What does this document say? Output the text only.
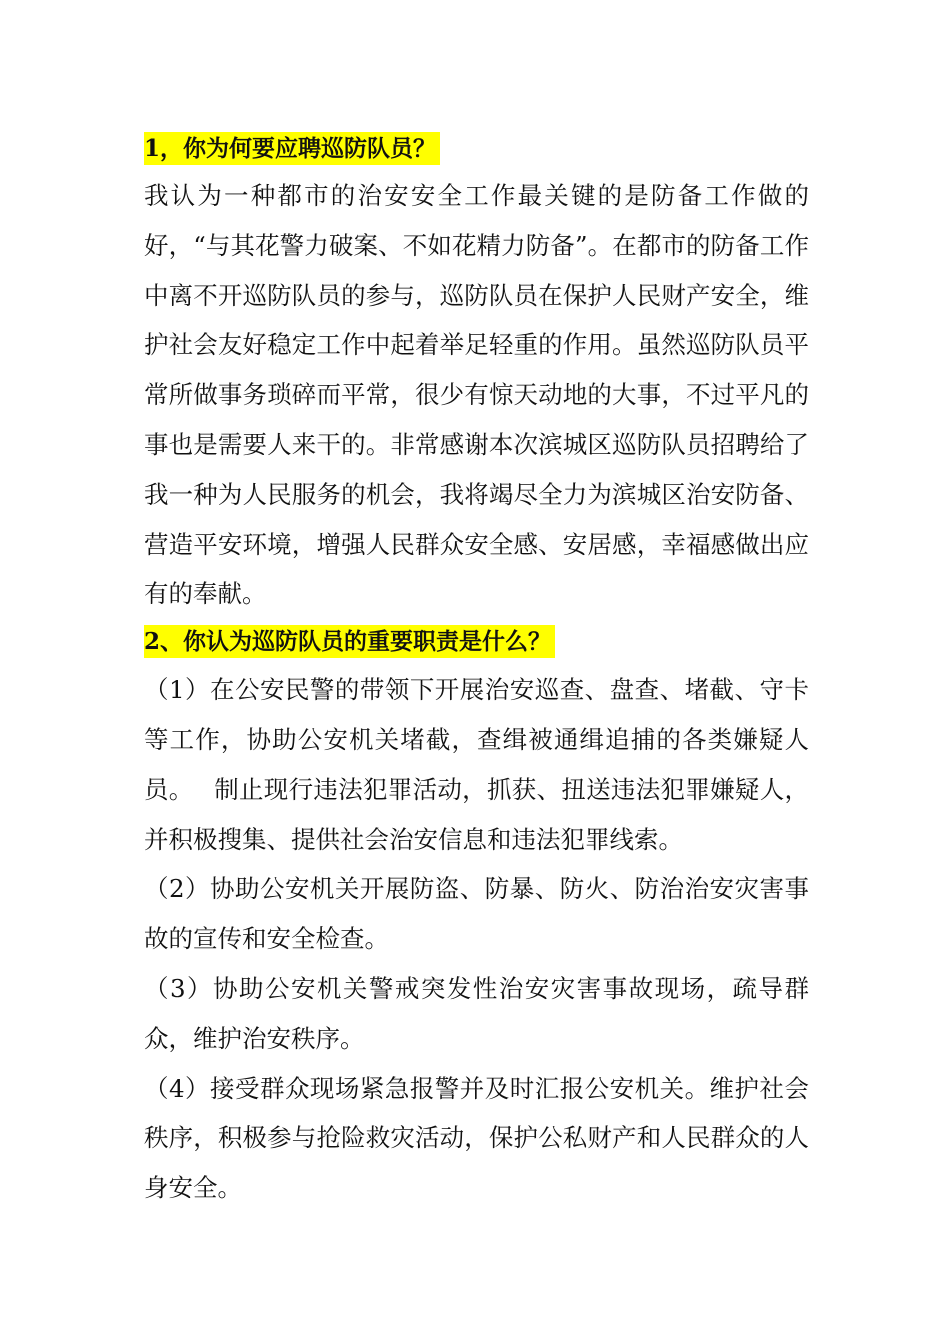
1，你为何要应聘巡防队员？

我认为一种都市的治安安全工作最关键的是防备工作做的好，“与其花警力破案、不如花精力防备”。在都市的防备工作中离不开巡防队员的参与，巡防队员在保护人民财产安全，维护社会友好稳定工作中起着举足轻重的作用。虽然巡防队员平常所做事务琐碎而平常，很少有惊天动地的大事，不过平凡的事也是需要人来干的。非常感谢本次滨城区巡防队员招聘给了我一种为人民服务的机会，我将竭尽全力为滨城区治安防备、营造平安环境，增强人民群众安全感、安居感，幸福感做出应有的奉献。

2、你认为巡防队员的重要职责是什么？

（1）在公安民警的带领下开展治安巡查、盘查、堵截、守卡等工作，协助公安机关堵截，查缉被通缉追捕的各类嫌疑人员。　 制止现行违法犯罪活动，抓获、扭送违法犯罪嫌疑人，并积极搜集、提供社会治安信息和违法犯罪线索。

（2）协助公安机关开展防盗、防暴、防火、防治治安灾害事故的宣传和安全检查。

（3）协助公安机关警戒突发性治安灾害事故现场，疏导群众，维护治安秩序。

（4）接受群众现场紧急报警并及时汇报公安机关。维护社会秩序，积极参与抢险救灾活动，保护公私财产和人民群众的人身安全。
